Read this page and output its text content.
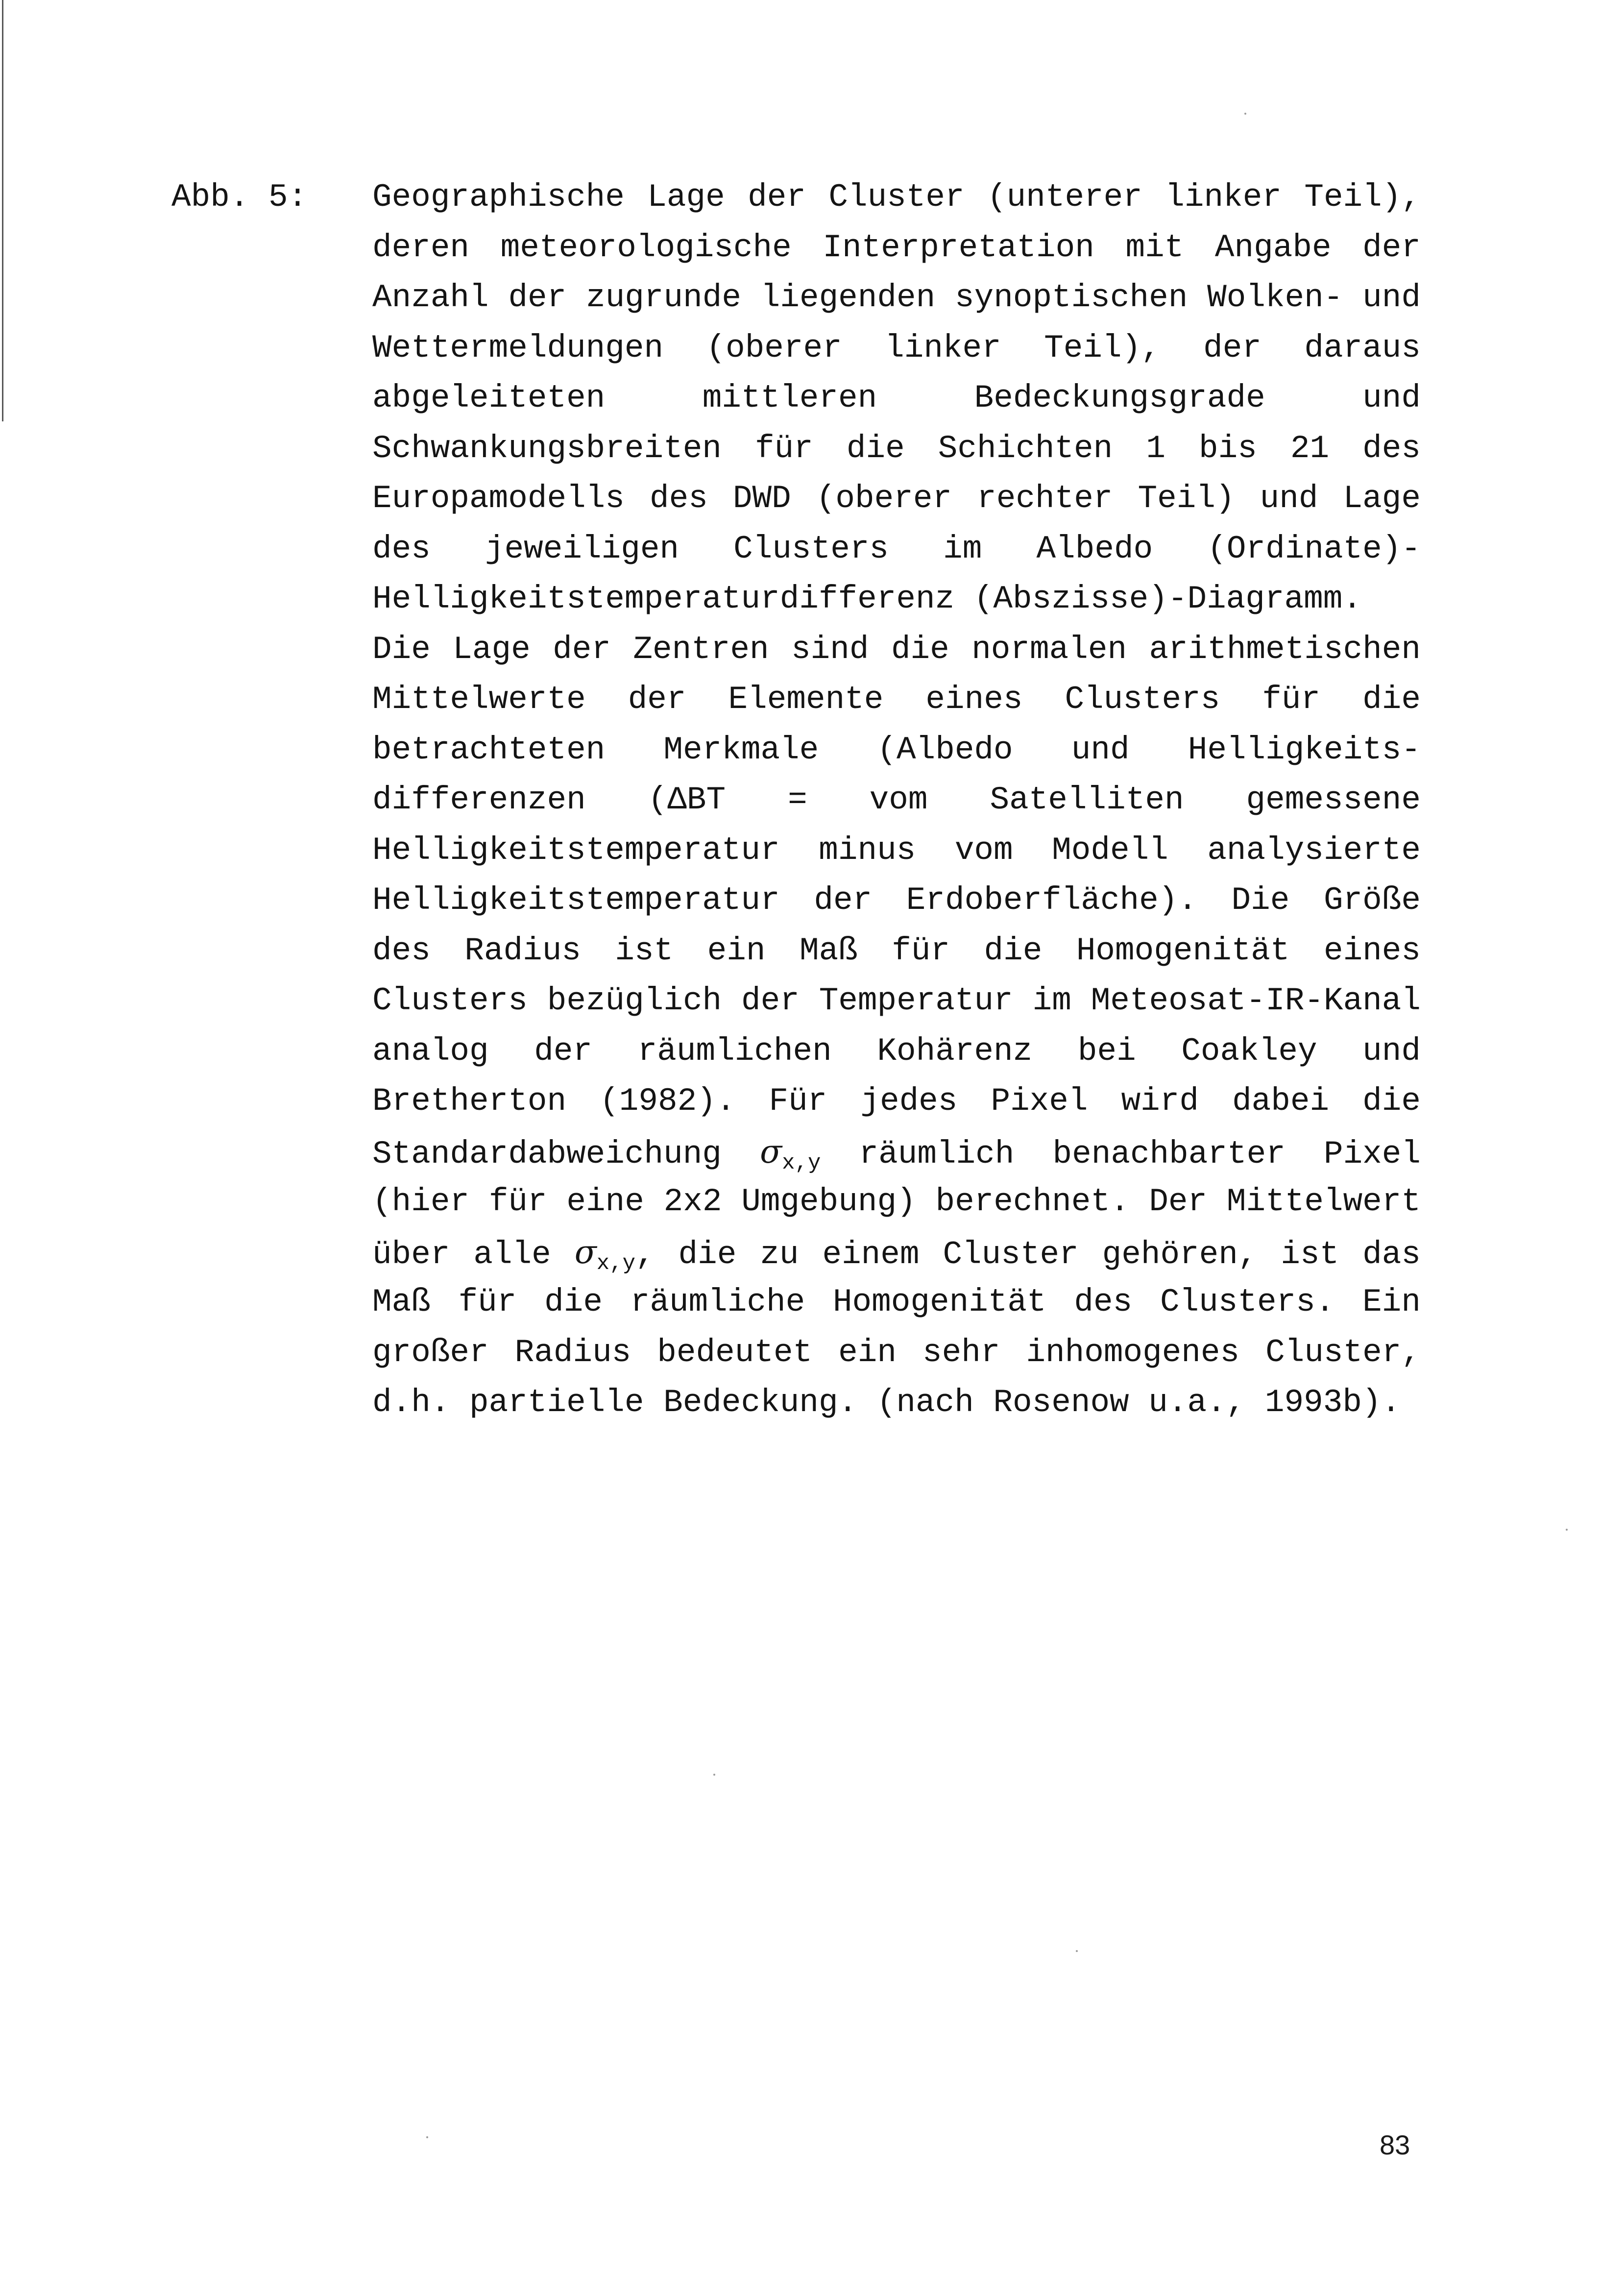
Abb. 5: Geographische Lage der Cluster (unterer linker Teil),
deren meteorologische Interpretation mit Angabe der
Anzahl der zugrunde liegenden synoptischen Wolken- und
Wettermeldungen (oberer linker Teil), der daraus
abgeleiteten mittleren Bedeckungsgrade und
Schwankungsbreiten für die Schichten 1 bis 21 des
Europamodells des DWD (oberer rechter Teil) und Lage
des jeweiligen Clusters im Albedo (Ordinate)-
Helligkeitstemperaturdifferenz (Abszisse)-Diagramm.
Die Lage der Zentren sind die normalen arithmetischen
Mittelwerte der Elemente eines Clusters für die
betrachteten Merkmale (Albedo und Helligkeits-
differenzen (ΔBT = vom Satelliten gemessene
Helligkeitstemperatur minus vom Modell analysierte
Helligkeitstemperatur der Erdoberfläche). Die Größe
des Radius ist ein Maß für die Homogenität eines
Clusters bezüglich der Temperatur im Meteosat-IR-Kanal
analog der räumlichen Kohärenz bei Coakley und
Bretherton (1982). Für jedes Pixel wird dabei die
Standardabweichung $\sigma_{x,y}$ räumlich benachbarter Pixel
(hier für eine 2x2 Umgebung) berechnet. Der Mittelwert
über alle $\sigma_{x,y}$, die zu einem Cluster gehören, ist das
Maß für die räumliche Homogenität des Clusters. Ein
großer Radius bedeutet ein sehr inhomogenes Cluster,
d.h. partielle Bedeckung. (nach Rosenow u.a., 1993b).
83
